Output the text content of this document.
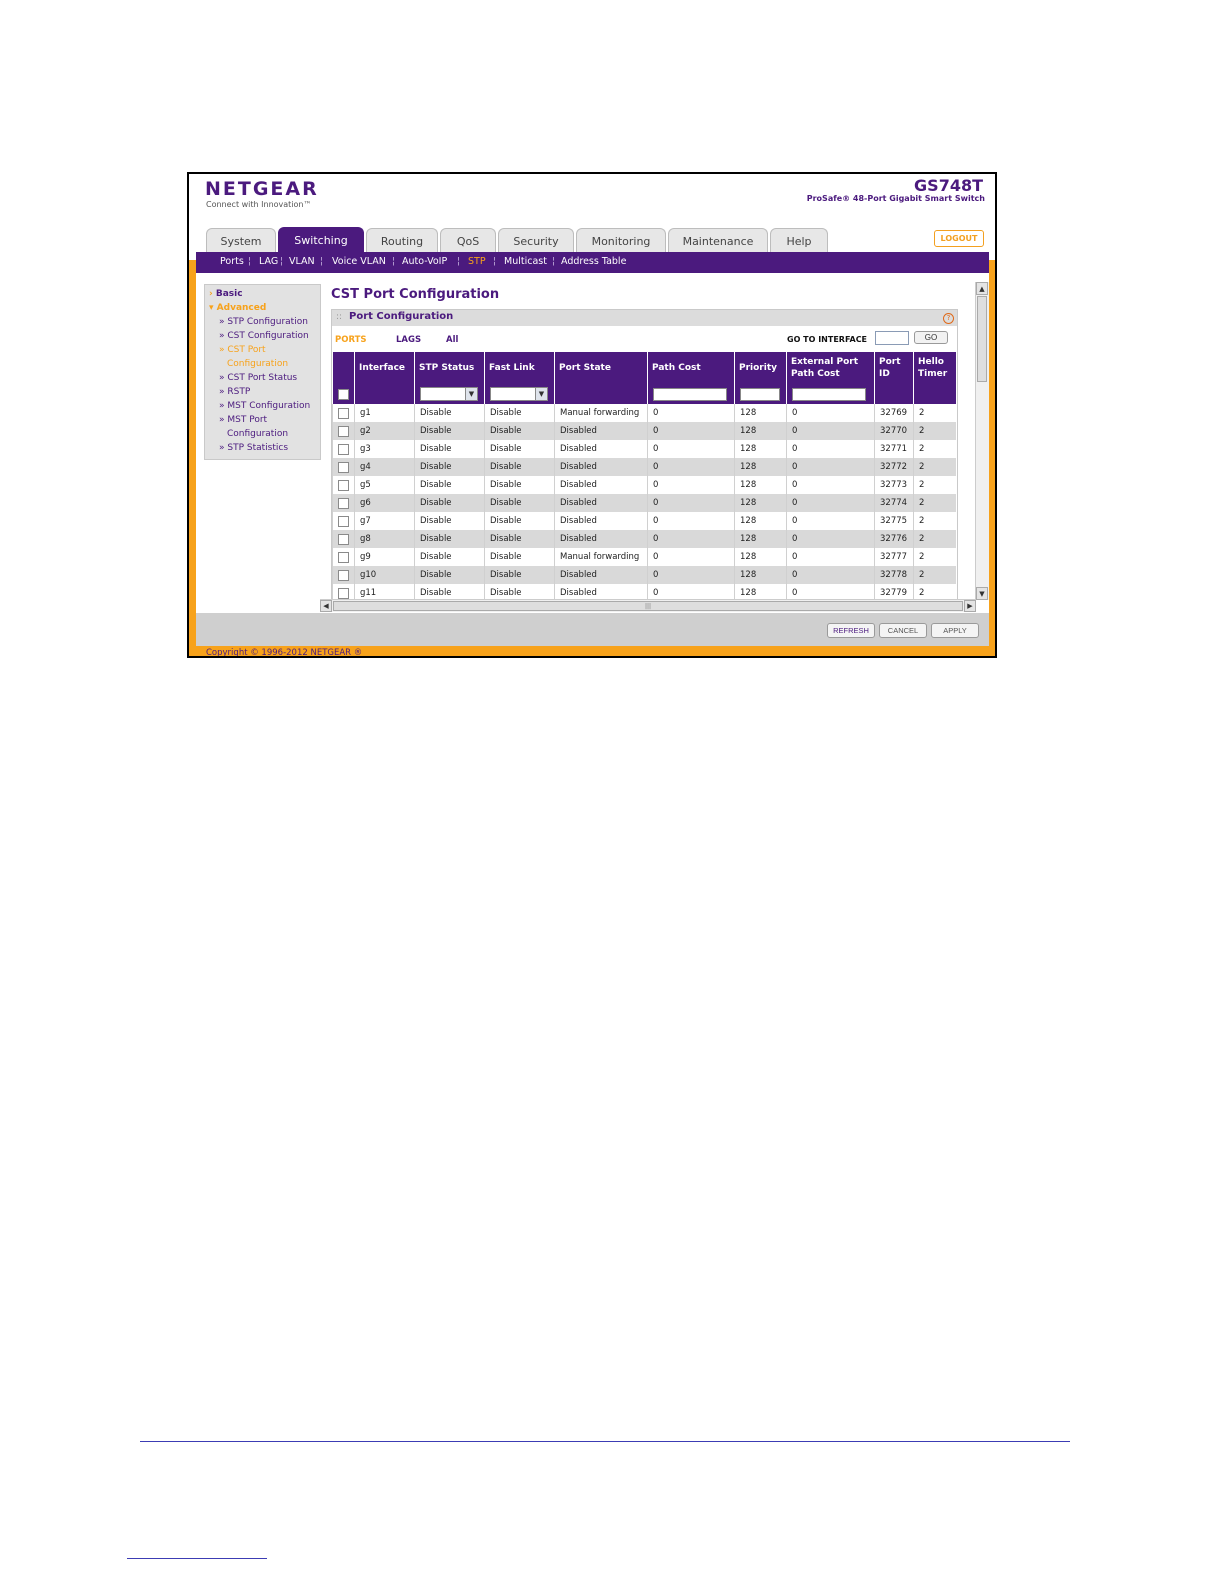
NETGEAR
Connect with Innovation™
GS748T
ProSafe® 48-Port Gigabit Smart Switch
System	Switching	Routing	QoS	Security	Monitoring	Maintenance	Help	LOGOUT
Ports ¦ LAG ¦ VLAN ¦ Voice VLAN ¦ Auto-VoIP ¦ STP ¦ Multicast ¦ Address Table
› Basic
▾ Advanced
» STP Configuration
» CST Configuration
» CST Port
Configuration
» CST Port Status
» RSTP
» MST Configuration
» MST Port
Configuration
» STP Statistics
CST Port Configuration
:: Port Configuration	?
PORTS	LAGS	All	GO TO INTERFACE	GO
	Interface	STP Status	Fast Link	Port State	Path Cost	Priority	External Port Path Cost	Port ID	Hello Timer

		▼	▼						

	g1	Disable	Disable	Manual forwarding	0	128	0	32769	2
	g2	Disable	Disable	Disabled	0	128	0	32770	2
	g3	Disable	Disable	Disabled	0	128	0	32771	2
	g4	Disable	Disable	Disabled	0	128	0	32772	2
	g5	Disable	Disable	Disabled	0	128	0	32773	2
	g6	Disable	Disable	Disabled	0	128	0	32774	2
	g7	Disable	Disable	Disabled	0	128	0	32775	2
	g8	Disable	Disable	Disabled	0	128	0	32776	2
	g9	Disable	Disable	Manual forwarding	0	128	0	32777	2
	g10	Disable	Disable	Disabled	0	128	0	32778	2
	g11	Disable	Disable	Disabled	0	128	0	32779	2
▲
▼
◀	|||	▶
REFRESH	CANCEL	APPLY
Copyright © 1996-2012 NETGEAR ®
